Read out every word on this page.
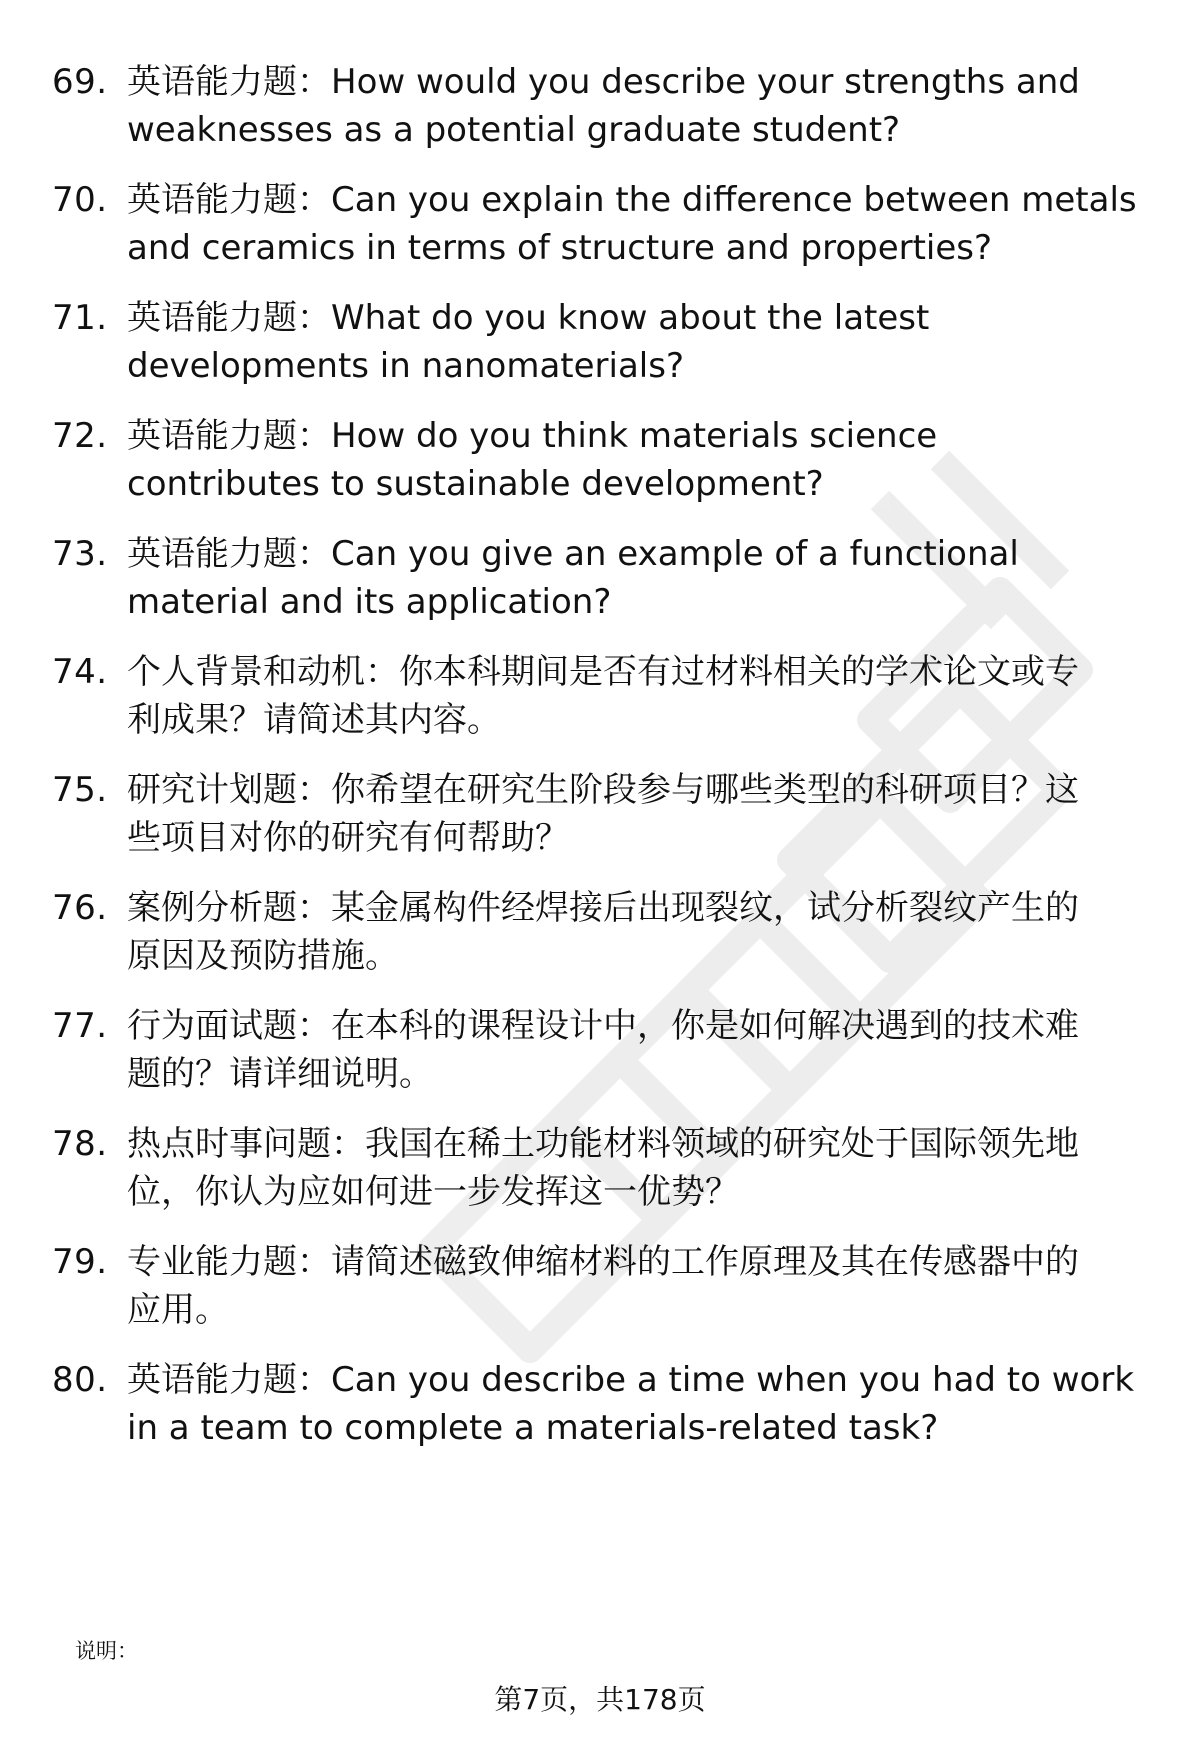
69. 英语能力题：How would you describe your strengths and
weaknesses as a potential graduate student?
70. 英语能力题：Can you explain the difference between metals
and ceramics in terms of structure and properties?
71. 英语能力题：What do you know about the latest
developments in nanomaterials?
72. 英语能力题：How do you think materials science
contributes to sustainable development?
73. 英语能力题：Can you give an example of a functional
material and its application?
74. 个人背景和动机：你本科期间是否有过材料相关的学术论文或专
利成果？请简述其内容。
75. 研究计划题：你希望在研究生阶段参与哪些类型的科研项目？这
些项目对你的研究有何帮助？
76. 案例分析题：某金属构件经焊接后出现裂纹，试分析裂纹产生的
原因及预防措施。
77. 行为面试题：在本科的课程设计中，你是如何解决遇到的技术难
题的？请详细说明。
78. 热点时事问题：我国在稀土功能材料领域的研究处于国际领先地
位，你认为应如何进一步发挥这一优势？
79. 专业能力题：请简述磁致伸缩材料的工作原理及其在传感器中的
应用。
80. 英语能力题：Can you describe a time when you had to work
in a team to complete a materials-related task?
说明：
第7页，共178页
